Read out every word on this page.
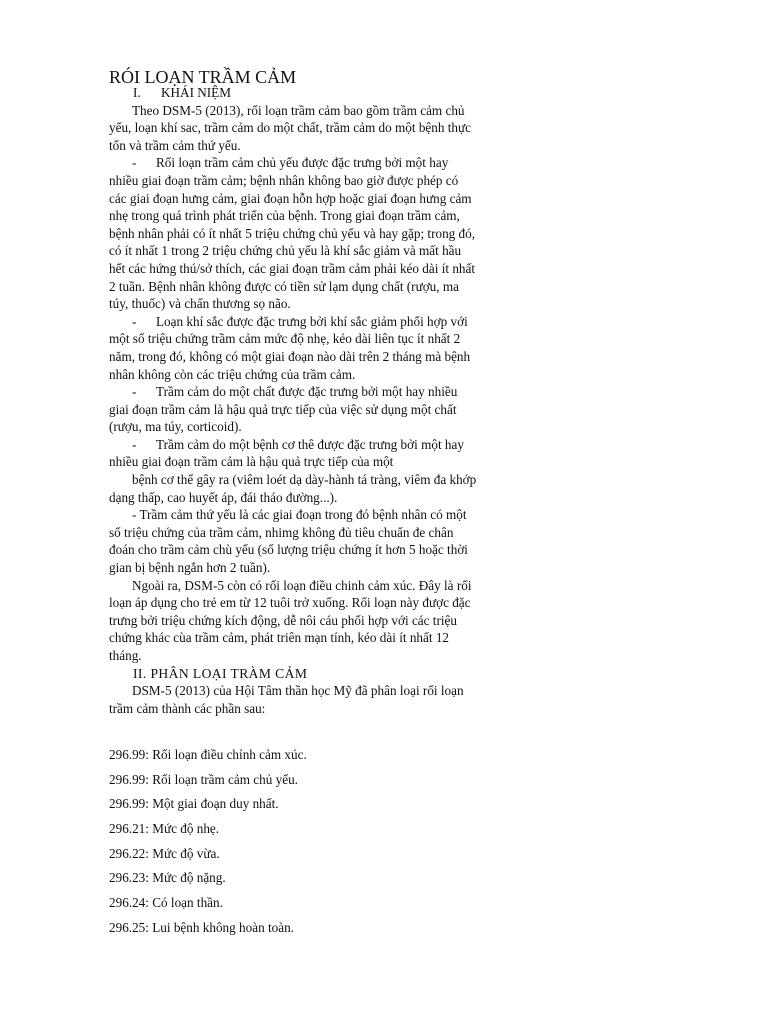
RÓI LOẠN TRẦM CẢM

I. KHÁI NIỆM

Theo DSM-5 (2013), rối loạn trầm cảm bao gồm trầm cảm chủ yếu, loạn khí sac, trầm cảm do một chất, trầm cảm do một bệnh thực tổn và trầm cảm thứ yếu.

- Rối loạn trầm cảm chủ yếu được đặc trưng bởi một hay nhiều giai đoạn trầm cảm; bệnh nhân không bao giờ được phép có các giai đoạn hưng cảm, giai đoạn hỗn hợp hoặc giai đoạn hưng cảm nhẹ trong quá trình phát triển của bệnh. Trong giai đoạn trầm cảm, bệnh nhân phải có ít nhất 5 triệu chứng chủ yếu và hay gặp; trong đó, có ít nhất 1 trong 2 triệu chứng chủ yếu là khí sắc giảm và mất hầu hết các hứng thú/sở thích, các giai đoạn trầm cảm phải kéo dài ít nhất 2 tuần. Bệnh nhân không được có tiền sử lạm dụng chất (rượu, ma túy, thuốc) và chấn thương sọ não.

- Loạn khí sắc được đặc trưng bởi khí sắc giảm phối hợp với một số triệu chứng trầm cảm mức độ nhẹ, kéo dài liên tục ít nhất 2 năm, trong đó, không có một giai đoạn nào dài trên 2 tháng mà bệnh nhân không còn các triệu chứng của trầm cảm.

- Trầm cảm do một chất được đặc trưng bởi một hay nhiều giai đoạn trầm cảm là hậu quả trực tiếp của việc sử dụng một chất (rượu, ma túy, corticoid).

- Trầm cảm do một bệnh cơ thê được đặc trưng bởi một hay nhiều giai đoạn trầm cảm là hậu quả trực tiếp của một

bệnh cơ thể gây ra (viêm loét dạ dày-hành tá tràng, viêm đa khớp dạng thấp, cao huyết áp, đái tháo đường...).

- Trầm cảm thứ yếu là các giai đoạn trong đó bệnh nhân có một số triệu chứng của trầm cảm, nhimg không đủ tiêu chuẩn đe chân đoán cho trầm cảm chù yếu (số lượng triệu chứng ít hơn 5 hoặc thời gian bị bệnh ngắn hơn 2 tuần).

Ngoài ra, DSM-5 còn có rối loạn điều chinh cảm xúc. Đây là rối loạn áp dụng cho trẻ em từ 12 tuôi trở xuống. Rối loạn này được đặc trưng bởi triệu chứng kích động, dễ nôi cáu phối hợp với các triệu chứng khác cùa trầm cảm, phát triên mạn tính, kéo dài ít nhất 12 tháng.

II. PHÂN LOẠI TRÀM CẢM

DSM-5 (2013) của Hội Tâm thần học Mỹ đã phân loại rối loạn trầm cảm thành các phần sau:

296.99: Rối loạn điều chỉnh cảm xúc.

296.99: Rối loạn trầm cảm chủ yếu.

296.99: Một giai đoạn duy nhất.

296.21: Mức độ nhẹ.

296.22: Mức độ vừa.

296.23: Mức độ nặng.

296.24: Có loạn thần.

296.25: Lui bệnh không hoàn toàn.
